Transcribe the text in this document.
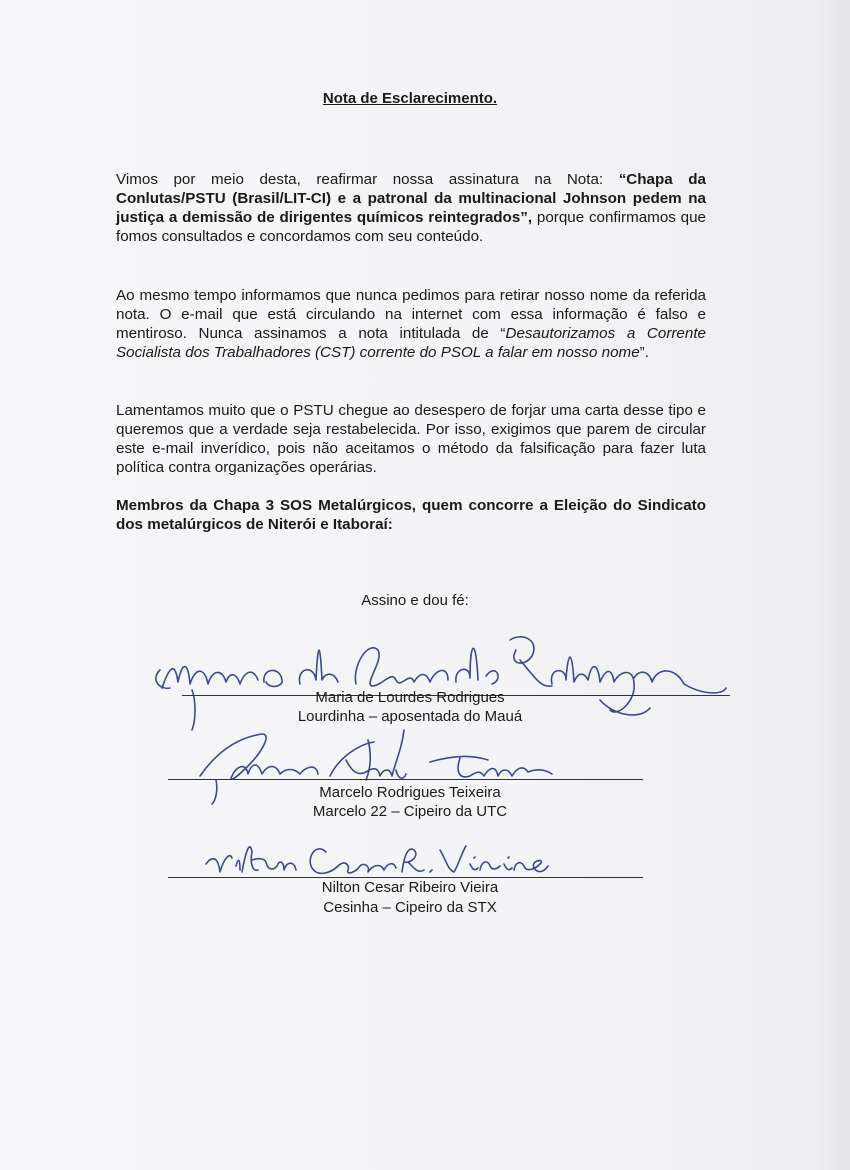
Nota de Esclarecimento.
Vimos por meio desta, reafirmar nossa assinatura na Nota: “Chapa da Conlutas/PSTU (Brasil/LIT-CI) e a patronal da multinacional Johnson pedem na justiça a demissão de dirigentes químicos reintegrados”, porque confirmamos que fomos consultados e concordamos com seu conteúdo.
Ao mesmo tempo informamos que nunca pedimos para retirar nosso nome da referida nota. O e-mail que está circulando na internet com essa informação é falso e mentiroso. Nunca assinamos a nota intitulada de “Desautorizamos a Corrente Socialista dos Trabalhadores (CST) corrente do PSOL a falar em nosso nome”.
Lamentamos muito que o PSTU chegue ao desespero de forjar uma carta desse tipo e queremos que a verdade seja restabelecida. Por isso, exigimos que parem de circular este e-mail inverídico, pois não aceitamos o método da falsificação para fazer luta política contra organizações operárias.
Membros da Chapa 3 SOS Metalúrgicos, quem concorre a Eleição do Sindicato dos metalúrgicos de Niterói e Itaboraí:
Assino e dou fé:
Maria de Lourdes Rodrigues
Lourdinha – aposentada do Mauá
Marcelo Rodrigues Teixeira
Marcelo 22 – Cipeiro da UTC
Nilton Cesar Ribeiro Vieira
Cesinha – Cipeiro da STX
